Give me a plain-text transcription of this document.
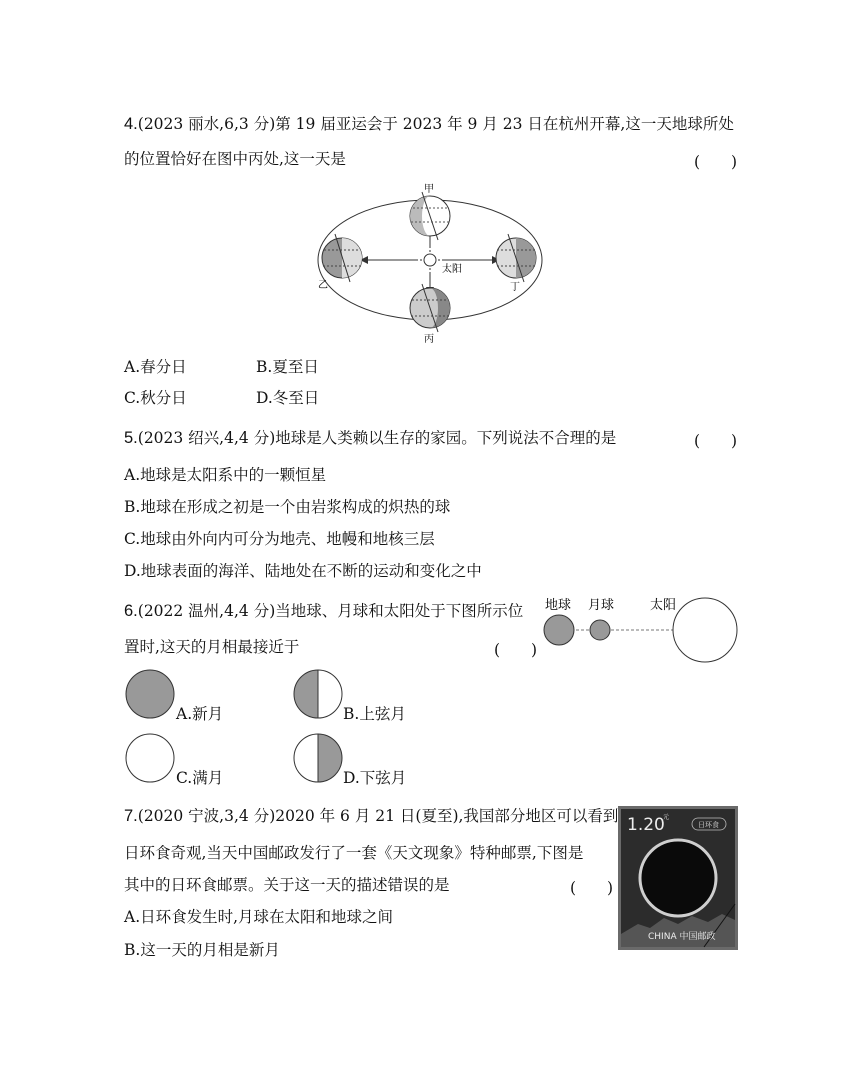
4.(2023 丽水,6,3 分)第 19 届亚运会于 2023 年 9 月 23 日在杭州开幕,这一天地球所处
的位置恰好在图中丙处,这一天是	(　　)
太阳
甲
乙	丁
丙
A.春分日	B.夏至日
C.秋分日	D.冬至日
5.(2023 绍兴,4,4 分)地球是人类赖以生存的家园。下列说法不合理的是	(　　)
A.地球是太阳系中的一颗恒星
B.地球在形成之初是一个由岩浆构成的炽热的球
C.地球由外向内可分为地壳、地幔和地核三层
D.地球表面的海洋、陆地处在不断的运动和变化之中
6.(2022 温州,4,4 分)当地球、月球和太阳处于下图所示位
置时,这天的月相最接近于	(　　)
地球 月球	太阳
A.新月	B.上弦月
C.满月	D.下弦月
7.(2020 宁波,3,4 分)2020 年 6 月 21 日(夏至),我国部分地区可以看到
日环食奇观,当天中国邮政发行了一套《天文现象》特种邮票,下图是
其中的日环食邮票。关于这一天的描述错误的是	(　　)
A.日环食发生时,月球在太阳和地球之间
B.这一天的月相是新月
1.20
元
日环食
CHINA 中国邮政
